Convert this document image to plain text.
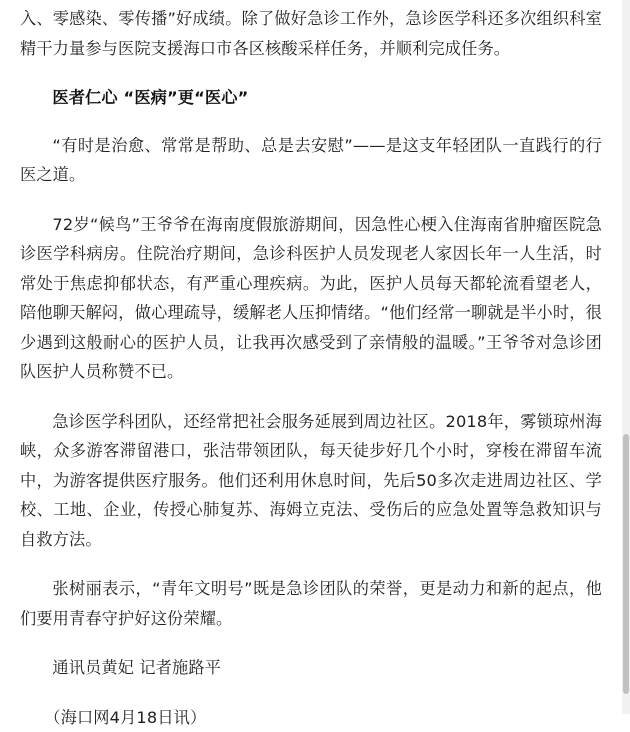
入、零感染、零传播”好成绩。除了做好急诊工作外，急诊医学科还多次组织科室精干力量参与医院支援海口市各区核酸采样任务，并顺利完成任务。

医者仁心 “医病”更“医心”

“有时是治愈、常常是帮助、总是去安慰”——是这支年轻团队一直践行的行医之道。

72岁“候鸟”王爷爷在海南度假旅游期间，因急性心梗入住海南省肿瘤医院急诊医学科病房。住院治疗期间，急诊科医护人员发现老人家因长年一人生活，时常处于焦虑抑郁状态，有严重心理疾病。为此，医护人员每天都轮流看望老人，陪他聊天解闷，做心理疏导，缓解老人压抑情绪。“他们经常一聊就是半小时，很少遇到这般耐心的医护人员，让我再次感受到了亲情般的温暖。”王爷爷对急诊团队医护人员称赞不已。

急诊医学科团队，还经常把社会服务延展到周边社区。2018年，雾锁琼州海峡，众多游客滞留港口，张洁带领团队，每天徒步好几个小时，穿梭在滞留车流中，为游客提供医疗服务。他们还利用休息时间，先后50多次走进周边社区、学校、工地、企业，传授心肺复苏、海姆立克法、受伤后的应急处置等急救知识与自救方法。

张树丽表示，“青年文明号”既是急诊团队的荣誉，更是动力和新的起点，他们要用青春守护好这份荣耀。

通讯员黄妃 记者施路平

（海口网4月18日讯）
